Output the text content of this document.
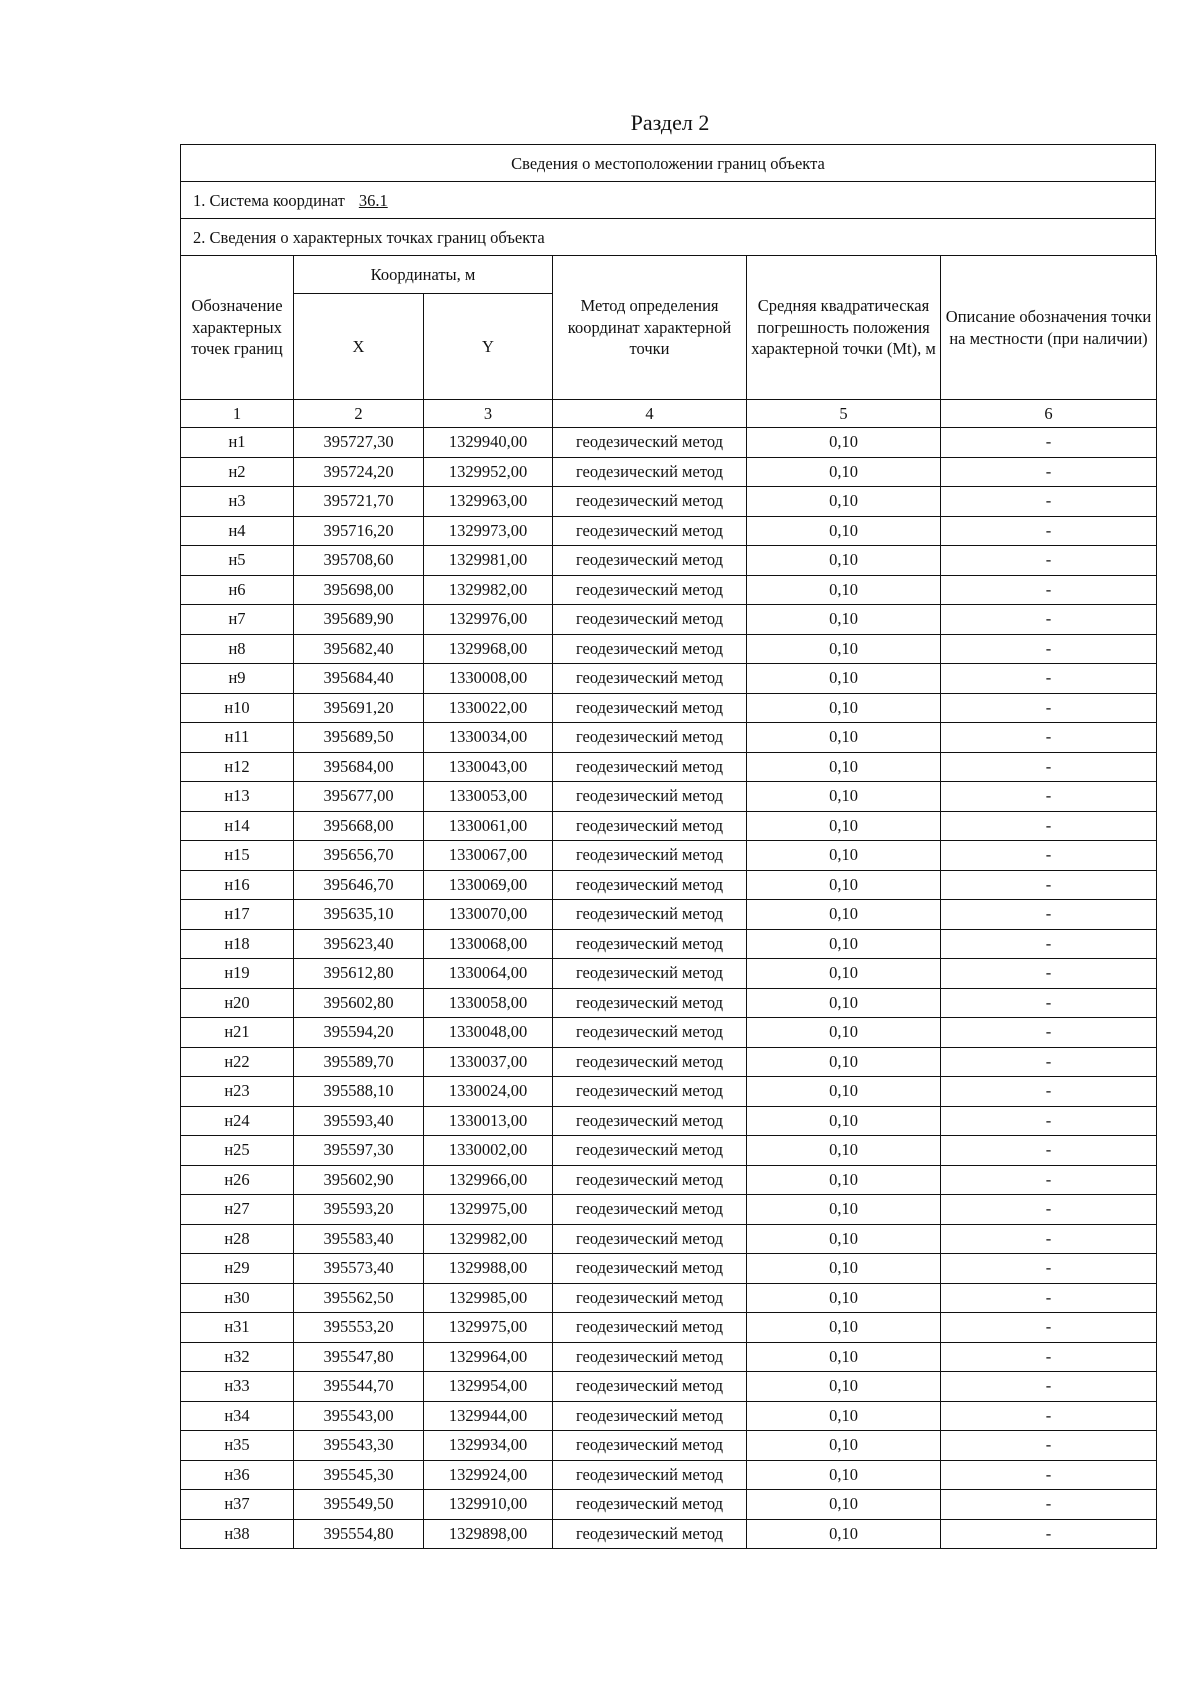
Раздел 2
Сведения о местоположении границ объекта
1. Система координат 36.1
2. Сведения о характерных точках границ объекта
Обозначение характерных точек границ	Координаты, м		Метод определения координат характерной точки	Средняя квадратическая погрешность положения характерной точки (Mt), м	Описание обозначения точки на местности (при наличии)
	X	Y			
1	2	3	4	5	6
н1	395727,30	1329940,00	геодезический метод	0,10	-
н2	395724,20	1329952,00	геодезический метод	0,10	-
н3	395721,70	1329963,00	геодезический метод	0,10	-
н4	395716,20	1329973,00	геодезический метод	0,10	-
н5	395708,60	1329981,00	геодезический метод	0,10	-
н6	395698,00	1329982,00	геодезический метод	0,10	-
н7	395689,90	1329976,00	геодезический метод	0,10	-
н8	395682,40	1329968,00	геодезический метод	0,10	-
н9	395684,40	1330008,00	геодезический метод	0,10	-
н10	395691,20	1330022,00	геодезический метод	0,10	-
н11	395689,50	1330034,00	геодезический метод	0,10	-
н12	395684,00	1330043,00	геодезический метод	0,10	-
н13	395677,00	1330053,00	геодезический метод	0,10	-
н14	395668,00	1330061,00	геодезический метод	0,10	-
н15	395656,70	1330067,00	геодезический метод	0,10	-
н16	395646,70	1330069,00	геодезический метод	0,10	-
н17	395635,10	1330070,00	геодезический метод	0,10	-
н18	395623,40	1330068,00	геодезический метод	0,10	-
н19	395612,80	1330064,00	геодезический метод	0,10	-
н20	395602,80	1330058,00	геодезический метод	0,10	-
н21	395594,20	1330048,00	геодезический метод	0,10	-
н22	395589,70	1330037,00	геодезический метод	0,10	-
н23	395588,10	1330024,00	геодезический метод	0,10	-
н24	395593,40	1330013,00	геодезический метод	0,10	-
н25	395597,30	1330002,00	геодезический метод	0,10	-
н26	395602,90	1329966,00	геодезический метод	0,10	-
н27	395593,20	1329975,00	геодезический метод	0,10	-
н28	395583,40	1329982,00	геодезический метод	0,10	-
н29	395573,40	1329988,00	геодезический метод	0,10	-
н30	395562,50	1329985,00	геодезический метод	0,10	-
н31	395553,20	1329975,00	геодезический метод	0,10	-
н32	395547,80	1329964,00	геодезический метод	0,10	-
н33	395544,70	1329954,00	геодезический метод	0,10	-
н34	395543,00	1329944,00	геодезический метод	0,10	-
н35	395543,30	1329934,00	геодезический метод	0,10	-
н36	395545,30	1329924,00	геодезический метод	0,10	-
н37	395549,50	1329910,00	геодезический метод	0,10	-
н38	395554,80	1329898,00	геодезический метод	0,10	-
